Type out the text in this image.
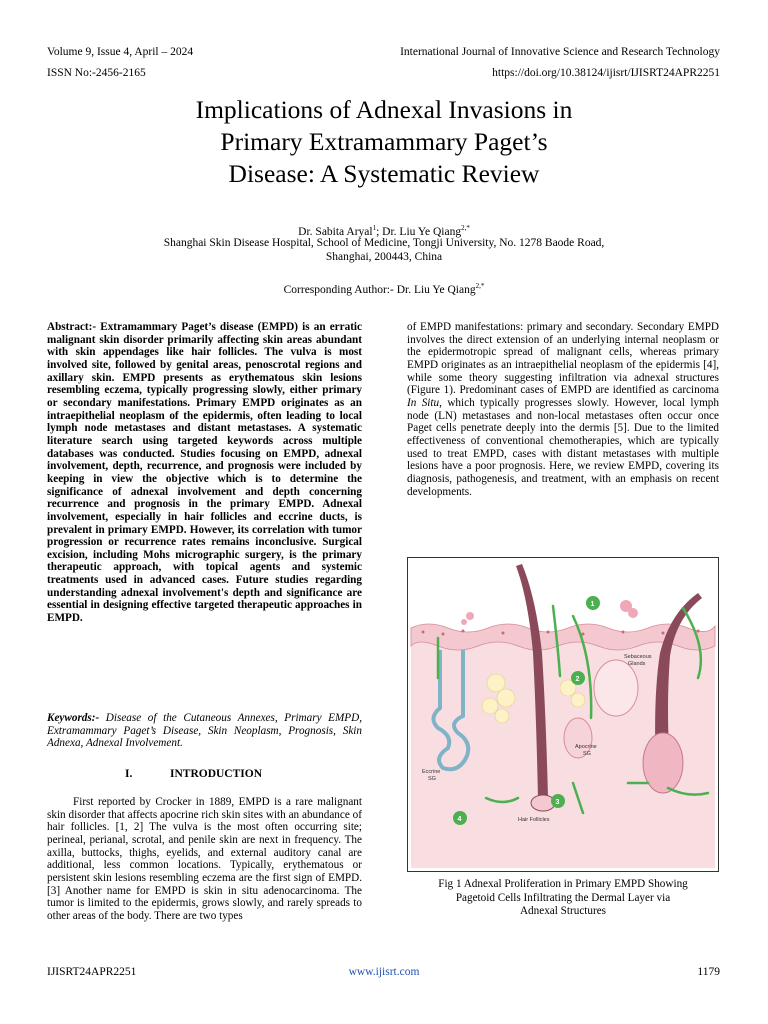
Volume 9, Issue 4, April – 2024	International Journal of Innovative Science and Research Technology
ISSN No:-2456-2165	https://doi.org/10.38124/ijisrt/IJISRT24APR2251
Implications of Adnexal Invasions in
Primary Extramammary Paget’s
Disease: A Systematic Review
Dr. Sabita Aryal$^1$; Dr. Liu Ye Qiang$^{2,*}$
Shanghai Skin Disease Hospital, School of Medicine, Tongji University, No. 1278 Baode Road,
Shanghai, 200443, China
Corresponding Author:- Dr. Liu Ye Qiang$^{2,*}$

Abstract:- Extramammary Paget’s disease (EMPD) is an erratic malignant skin disorder primarily affecting skin areas abundant with skin appendages like hair follicles. The vulva is most involved site, followed by genital areas, penoscrotal regions and axillary skin. EMPD presents as erythematous skin lesions resembling eczema, typically progressing slowly, either primary or secondary manifestations. Primary EMPD originates as an intraepithelial neoplasm of the epidermis, often leading to local lymph node metastases and distant metastases. A systematic literature search using targeted keywords across multiple databases was conducted. Studies focusing on EMPD, adnexal involvement, depth, recurrence, and prognosis were included by keeping in view the objective which is to determine the significance of adnexal involvement and depth concerning recurrence and prognosis in the primary EMPD. Adnexal involvement, especially in hair follicles and eccrine ducts, is prevalent in primary EMPD. However, its correlation with tumor progression or recurrence rates remains inconclusive. Surgical excision, including Mohs micrographic surgery, is the primary therapeutic approach, with topical agents and systemic treatments used in advanced cases. Future studies regarding understanding adnexal involvement's depth and significance are essential in designing effective targeted therapeutic approaches in EMPD.

Keywords:- Disease of the Cutaneous Annexes, Primary EMPD, Extramammary Paget’s Disease, Skin Neoplasm, Prognosis, Skin Adnexa, Adnexal Involvement.

I.	INTRODUCTION
First reported by Crocker in 1889, EMPD is a rare malignant skin disorder that affects apocrine rich skin sites with an abundance of hair follicles. [1, 2] The vulva is the most often occurring site; perineal, perianal, scrotal, and penile skin are next in frequency. The axilla, buttocks, thighs, eyelids, and external auditory canal are additional, less common locations. Typically, erythematous or persistent skin lesions resembling eczema are the first sign of EMPD. [3] Another name for EMPD is skin in situ adenocarcinoma. The tumor is limited to the epidermis, grows slowly, and rarely spreads to other areas of the body. There are two types

of EMPD manifestations: primary and secondary. Secondary EMPD involves the direct extension of an underlying internal neoplasm or the epidermotropic spread of malignant cells, whereas primary EMPD originates as an intraepithelial neoplasm of the epidermis [4], while some theory suggesting infiltration via adnexal structures (Figure 1). Predominant cases of EMPD are identified as carcinoma In Situ, which typically progresses slowly. However, local lymph node (LN) metastases and non-local metastases often occur once Paget cells penetrate deeply into the dermis [5]. Due to the limited effectiveness of conventional chemotherapies, which are typically used to treat EMPD, cases with distant metastases with multiple lesions have a poor prognosis. Here, we review EMPD, covering its diagnosis, pathogenesis, and treatment, with an emphasis on recent developments.

1
2
3
4
Sebaceous
Glands
Apocrine
SG
Eccrine
SG
Hair Follicles
Fig 1 Adnexal Proliferation in Primary EMPD Showing
Pagetoid Cells Infiltrating the Dermal Layer via
Adnexal Structures
IJISRT24APR2251	www.ijisrt.com	1179
